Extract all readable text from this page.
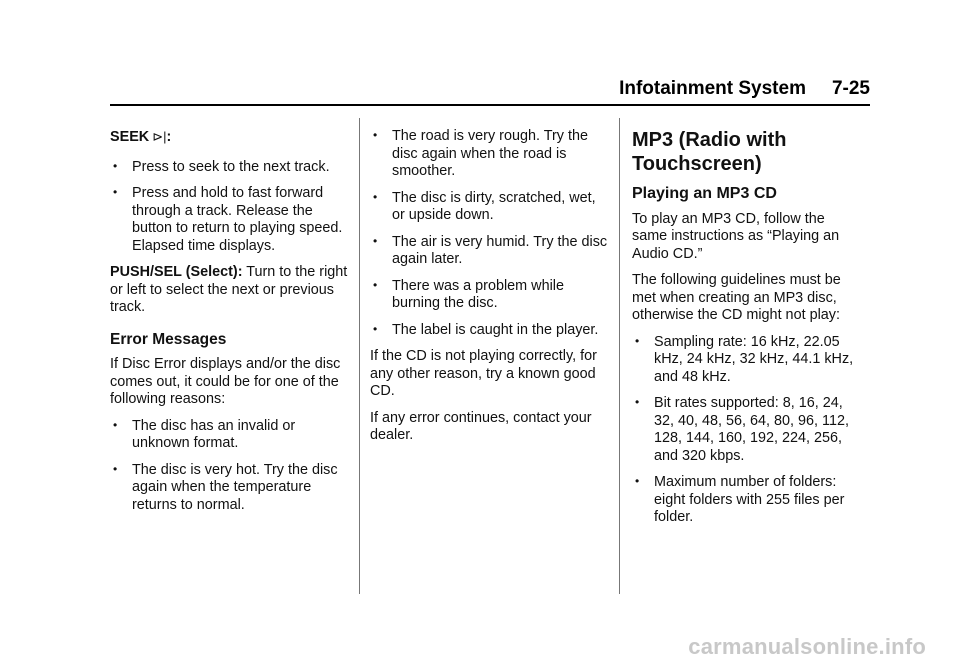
Infotainment System 7-25
SEEK ⊳|:
• Press to seek to the next track.
• Press and hold to fast forward through a track. Release the button to return to playing speed. Elapsed time displays.

PUSH/SEL (Select): Turn to the right or left to select the next or previous track.

Error Messages

If Disc Error displays and/or the disc comes out, it could be for one of the following reasons:

• The disc has an invalid or unknown format.
• The disc is very hot. Try the disc again when the temperature returns to normal.
• The road is very rough. Try the disc again when the road is smoother.
• The disc is dirty, scratched, wet, or upside down.
• The air is very humid. Try the disc again later.
• There was a problem while burning the disc.
• The label is caught in the player.

If the CD is not playing correctly, for any other reason, try a known good CD.

If any error continues, contact your dealer.

MP3 (Radio with Touchscreen)
Playing an MP3 CD

To play an MP3 CD, follow the same instructions as “Playing an Audio CD.”

The following guidelines must be met when creating an MP3 disc, otherwise the CD might not play:

• Sampling rate: 16 kHz, 22.05 kHz, 24 kHz, 32 kHz, 44.1 kHz, and 48 kHz.
• Bit rates supported: 8, 16, 24, 32, 40, 48, 56, 64, 80, 96, 112, 128, 144, 160, 192, 224, 256, and 320 kbps.
• Maximum number of folders: eight folders with 255 files per folder.
carmanualsonline.info
